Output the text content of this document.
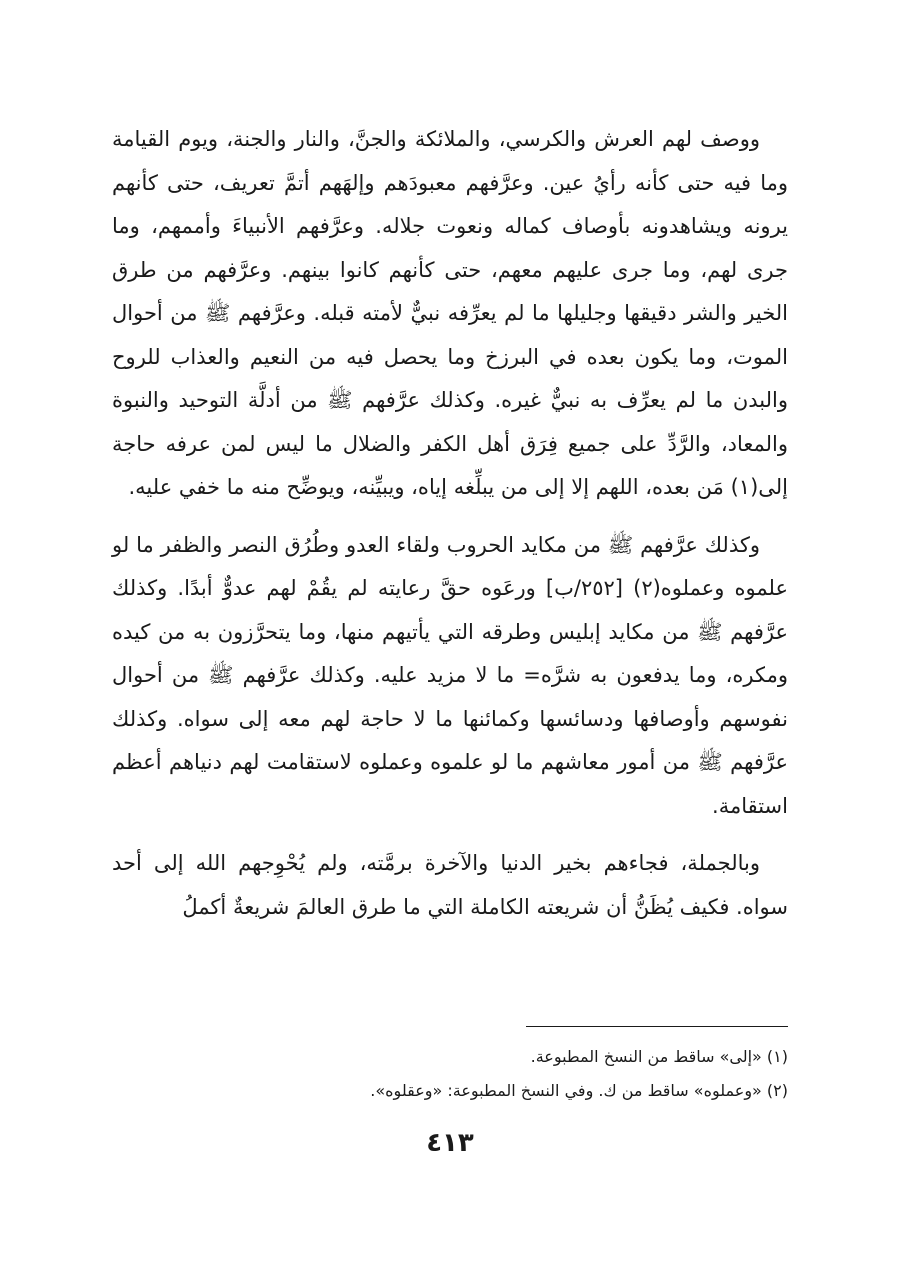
ووصف لهم العرش والكرسي، والملائكة والجنَّ، والنار والجنة، ويوم القيامة وما فيه حتى كأنه رأيُ عين. وعرَّفهم معبودَهم وإلهَهم أتمَّ تعريف، حتى كأنهم يرونه ويشاهدونه بأوصاف كماله ونعوت جلاله. وعرَّفهم الأنبياءَ وأممهم، وما جرى لهم، وما جرى عليهم معهم، حتى كأنهم كانوا بينهم. وعرَّفهم من طرق الخير والشر دقيقها وجليلها ما لم يعرِّفه نبيٌّ لأمته قبله. وعرَّفهم ﷺ من أحوال الموت، وما يكون بعده في البرزخ وما يحصل فيه من النعيم والعذاب للروح والبدن ما لم يعرِّف به نبيٌّ غيره. وكذلك عرَّفهم ﷺ من أدلَّة التوحيد والنبوة والمعاد، والرَّدِّ على جميع فِرَق أهل الكفر والضلال ما ليس لمن عرفه حاجة إلى(١) مَن بعده، اللهم إلا إلى من يبلِّغه إياه، ويبيِّنه، ويوضِّح منه ما خفي عليه.

وكذلك عرَّفهم ﷺ من مكايد الحروب ولقاء العدو وطُرُق النصر والظفر ما لو علموه وعملوه(٢) [٢٥٢/ب] ورعَوه حقَّ رعايته لم يقُمْ لهم عدوٌّ أبدًا. وكذلك عرَّفهم ﷺ من مكايد إبليس وطرقه التي يأتيهم منها، وما يتحرَّزون به من كيده ومكره، وما يدفعون به شرَّه= ما لا مزيد عليه. وكذلك عرَّفهم ﷺ من أحوال نفوسهم وأوصافها ودسائسها وكمائنها ما لا حاجة لهم معه إلى سواه. وكذلك عرَّفهم ﷺ من أمور معاشهم ما لو علموه وعملوه لاستقامت لهم دنياهم أعظم استقامة.

وبالجملة، فجاءهم بخير الدنيا والآخرة برمَّته، ولم يُحْوِجهم الله إلى أحد سواه. فكيف يُظَنُّ أن شريعته الكاملة التي ما طرق العالمَ شريعةٌ أكملُ

(١) «إلى» ساقط من النسخ المطبوعة.
(٢) «وعملوه» ساقط من ك. وفي النسخ المطبوعة: «وعقلوه».
٤١٣
